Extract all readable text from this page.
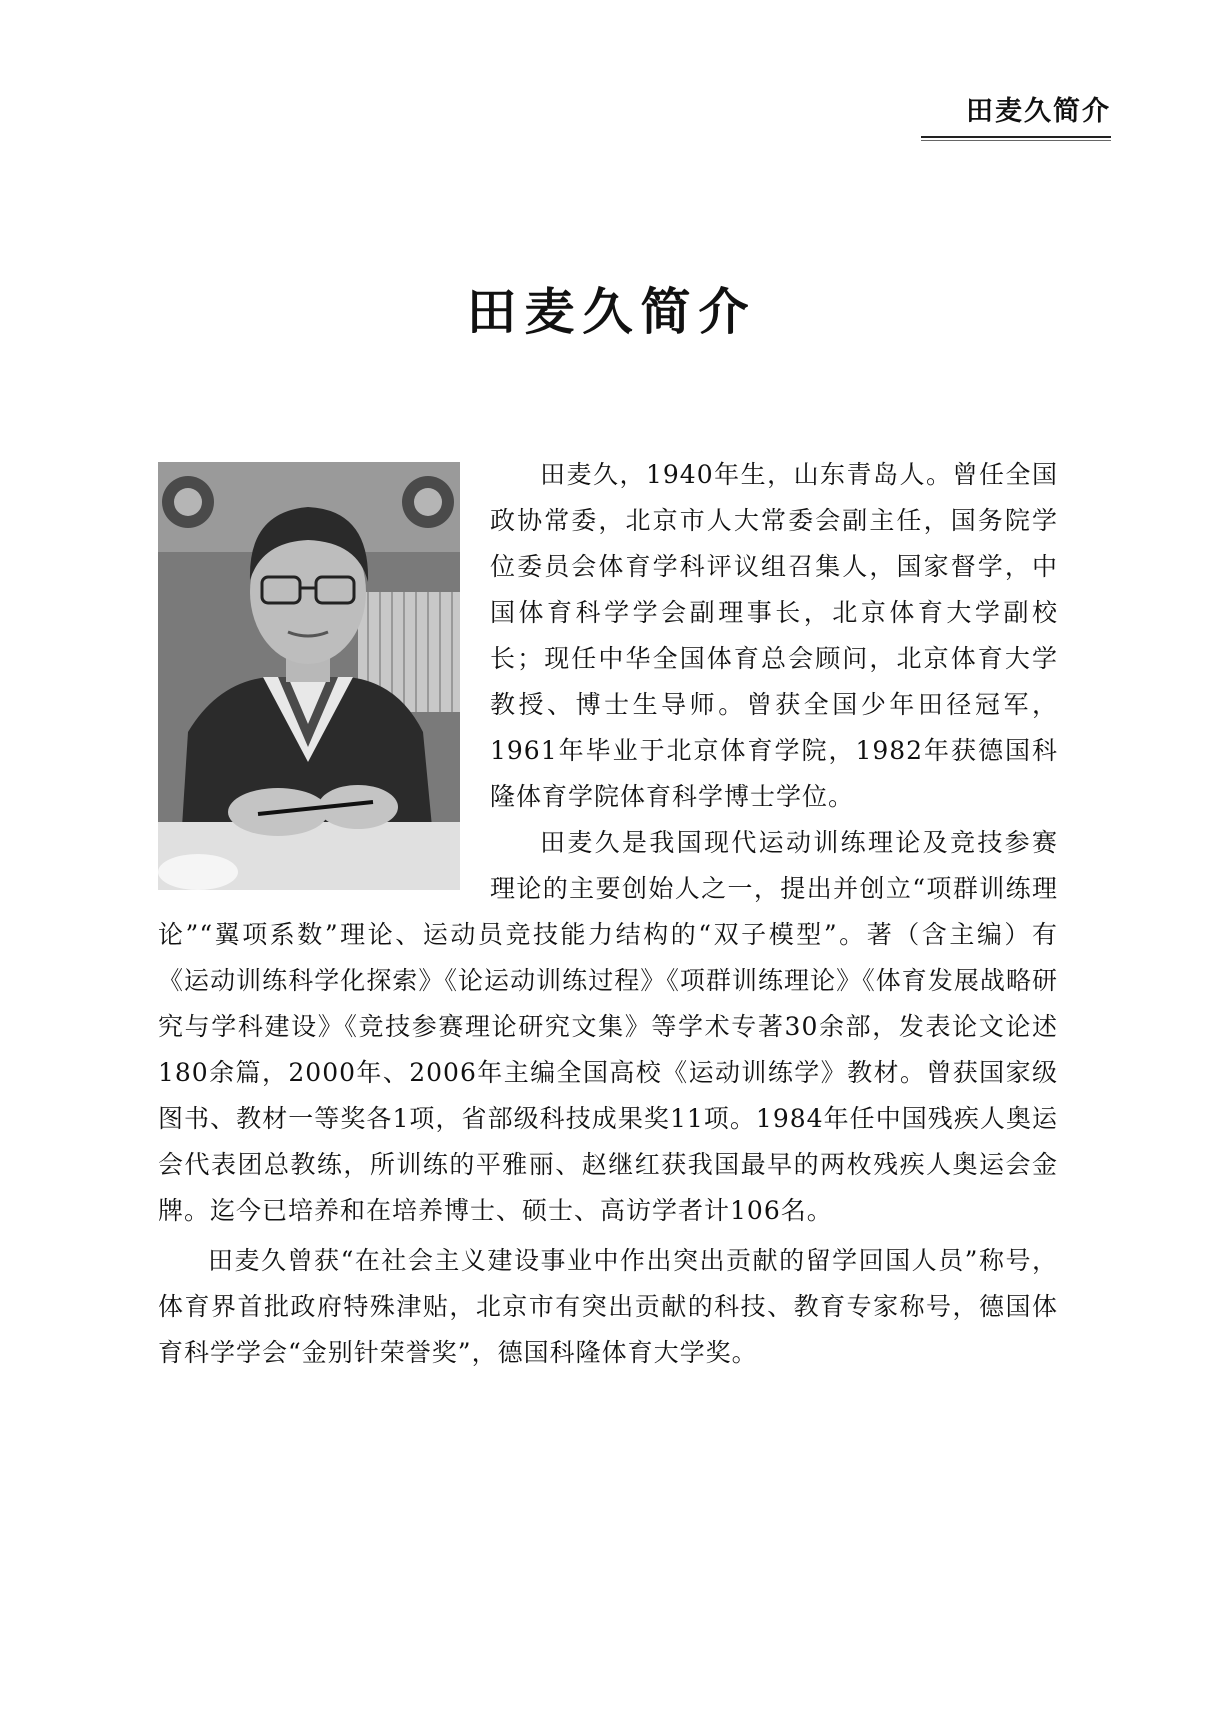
田麦久简介
田麦久简介

田麦久，1940年生，山东青岛人。曾任全国政协常委，北京市人大常委会副主任，国务院学位委员会体育学科评议组召集人，国家督学，中国体育科学学会副理事长，北京体育大学副校长；现任中华全国体育总会顾问，北京体育大学教授、博士生导师。曾获全国少年田径冠军，1961年毕业于北京体育学院，1982年获德国科隆体育学院体育科学博士学位。

田麦久是我国现代运动训练理论及竞技参赛理论的主要创始人之一，提出并创立“项群训练理论”“翼项系数”理论、运动员竞技能力结构的“双子模型”。著（含主编）有《运动训练科学化探索》《论运动训练过程》《项群训练理论》《体育发展战略研究与学科建设》《竞技参赛理论研究文集》等学术专著30余部，发表论文论述180余篇，2000年、2006年主编全国高校《运动训练学》教材。曾获国家级图书、教材一等奖各1项，省部级科技成果奖11项。1984年任中国残疾人奥运会代表团总教练，所训练的平雅丽、赵继红获我国最早的两枚残疾人奥运会金牌。迄今已培养和在培养博士、硕士、高访学者计106名。

田麦久曾获“在社会主义建设事业中作出突出贡献的留学回国人员”称号，体育界首批政府特殊津贴，北京市有突出贡献的科技、教育专家称号，德国体育科学学会“金别针荣誉奖”，德国科隆体育大学奖。
